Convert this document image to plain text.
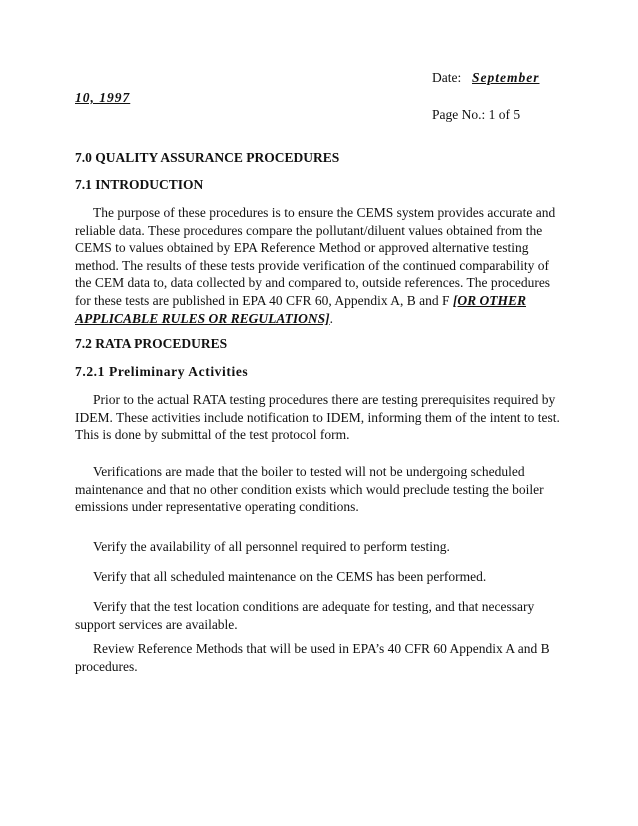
Date: September
10, 1997
Page No.: 1 of 5
7.0 QUALITY ASSURANCE PROCEDURES
7.1 INTRODUCTION
The purpose of these procedures is to ensure the CEMS system provides accurate and reliable data. These procedures compare the pollutant/diluent values obtained from the CEMS to values obtained by EPA Reference Method or approved alternative testing method. The results of these tests provide verification of the continued comparability of the CEM data to, data collected by and compared to, outside references. The procedures for these tests are published in EPA 40 CFR 60, Appendix A, B and F [OR OTHER APPLICABLE RULES OR REGULATIONS].
7.2 RATA PROCEDURES
7.2.1 Preliminary Activities
Prior to the actual RATA testing procedures there are testing prerequisites required by IDEM. These activities include notification to IDEM, informing them of the intent to test. This is done by submittal of the test protocol form.
Verifications are made that the boiler to tested will not be undergoing scheduled maintenance and that no other condition exists which would preclude testing the boiler emissions under representative operating conditions.
Verify the availability of all personnel required to perform testing.
Verify that all scheduled maintenance on the CEMS has been performed.
Verify that the test location conditions are adequate for testing, and that necessary support services are available.
Review Reference Methods that will be used in EPA’s 40 CFR 60 Appendix A and B procedures.
